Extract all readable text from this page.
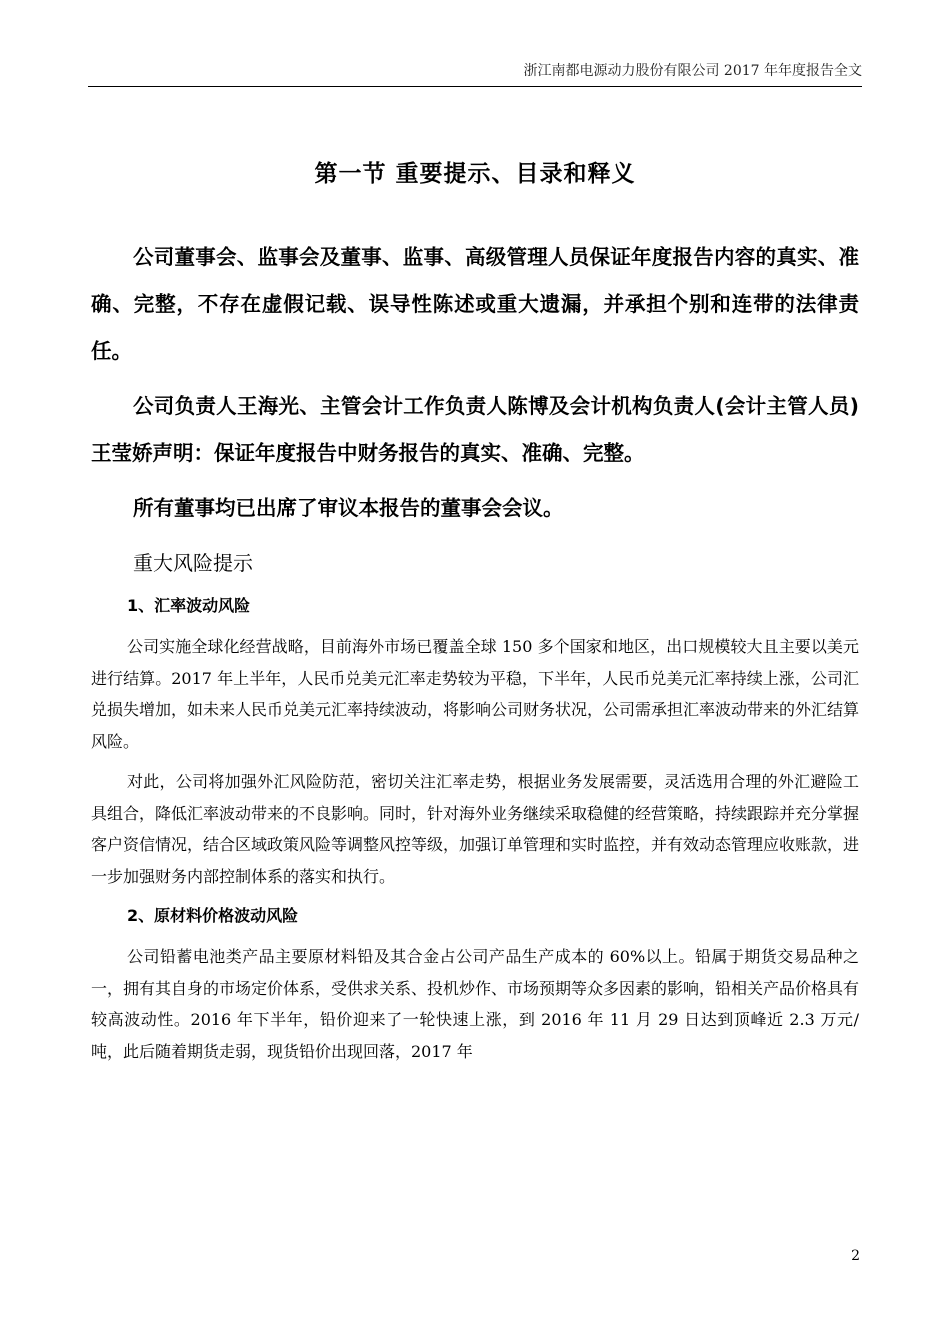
浙江南都电源动力股份有限公司 2017 年年度报告全文
第一节 重要提示、目录和释义

公司董事会、监事会及董事、监事、高级管理人员保证年度报告内容的真实、准确、完整，不存在虚假记载、误导性陈述或重大遗漏，并承担个别和连带的法律责任。

公司负责人王海光、主管会计工作负责人陈博及会计机构负责人(会计主管人员)王莹娇声明：保证年度报告中财务报告的真实、准确、完整。

所有董事均已出席了审议本报告的董事会会议。

重大风险提示

1、汇率波动风险

公司实施全球化经营战略，目前海外市场已覆盖全球 150 多个国家和地区，出口规模较大且主要以美元进行结算。2017 年上半年，人民币兑美元汇率走势较为平稳，下半年，人民币兑美元汇率持续上涨，公司汇兑损失增加，如未来人民币兑美元汇率持续波动，将影响公司财务状况，公司需承担汇率波动带来的外汇结算风险。

对此，公司将加强外汇风险防范，密切关注汇率走势，根据业务发展需要，灵活选用合理的外汇避险工具组合，降低汇率波动带来的不良影响。同时，针对海外业务继续采取稳健的经营策略，持续跟踪并充分掌握客户资信情况，结合区域政策风险等调整风控等级，加强订单管理和实时监控，并有效动态管理应收账款，进一步加强财务内部控制体系的落实和执行。

2、原材料价格波动风险

公司铅蓄电池类产品主要原材料铅及其合金占公司产品生产成本的 60%以上。铅属于期货交易品种之一，拥有其自身的市场定价体系，受供求关系、投机炒作、市场预期等众多因素的影响，铅相关产品价格具有较高波动性。2016 年下半年，铅价迎来了一轮快速上涨，到 2016 年 11 月 29 日达到顶峰近 2.3 万元/吨，此后随着期货走弱，现货铅价出现回落，2017 年

2
